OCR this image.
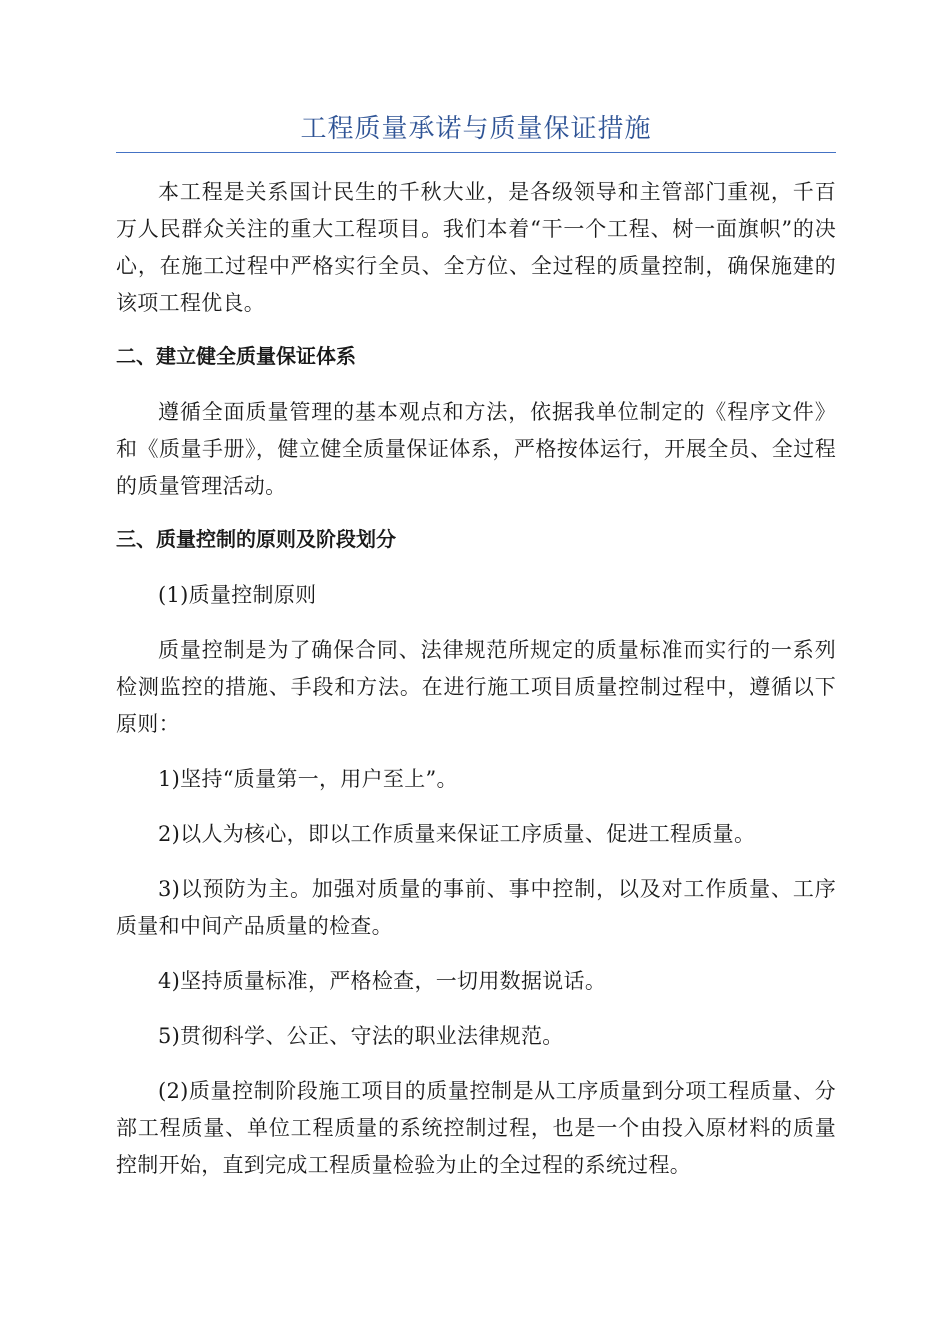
工程质量承诺与质量保证措施

本工程是关系国计民生的千秋大业，是各级领导和主管部门重视，千百万人民群众关注的重大工程项目。我们本着“干一个工程、树一面旗帜”的决心，在施工过程中严格实行全员、全方位、全过程的质量控制，确保施建的该项工程优良。

二、建立健全质量保证体系

遵循全面质量管理的基本观点和方法，依据我单位制定的《程序文件》和《质量手册》，健立健全质量保证体系，严格按体运行，开展全员、全过程的质量管理活动。

三、质量控制的原则及阶段划分

(1)质量控制原则

质量控制是为了确保合同、法律规范所规定的质量标准而实行的一系列检测监控的措施、手段和方法。在进行施工项目质量控制过程中，遵循以下原则：

1)坚持“质量第一，用户至上”。

2)以人为核心，即以工作质量来保证工序质量、促进工程质量。

3)以预防为主。加强对质量的事前、事中控制，以及对工作质量、工序质量和中间产品质量的检查。

4)坚持质量标准，严格检查，一切用数据说话。

5)贯彻科学、公正、守法的职业法律规范。

(2)质量控制阶段施工项目的质量控制是从工序质量到分项工程质量、分部工程质量、单位工程质量的系统控制过程，也是一个由投入原材料的质量控制开始，直到完成工程质量检验为止的全过程的系统过程。
